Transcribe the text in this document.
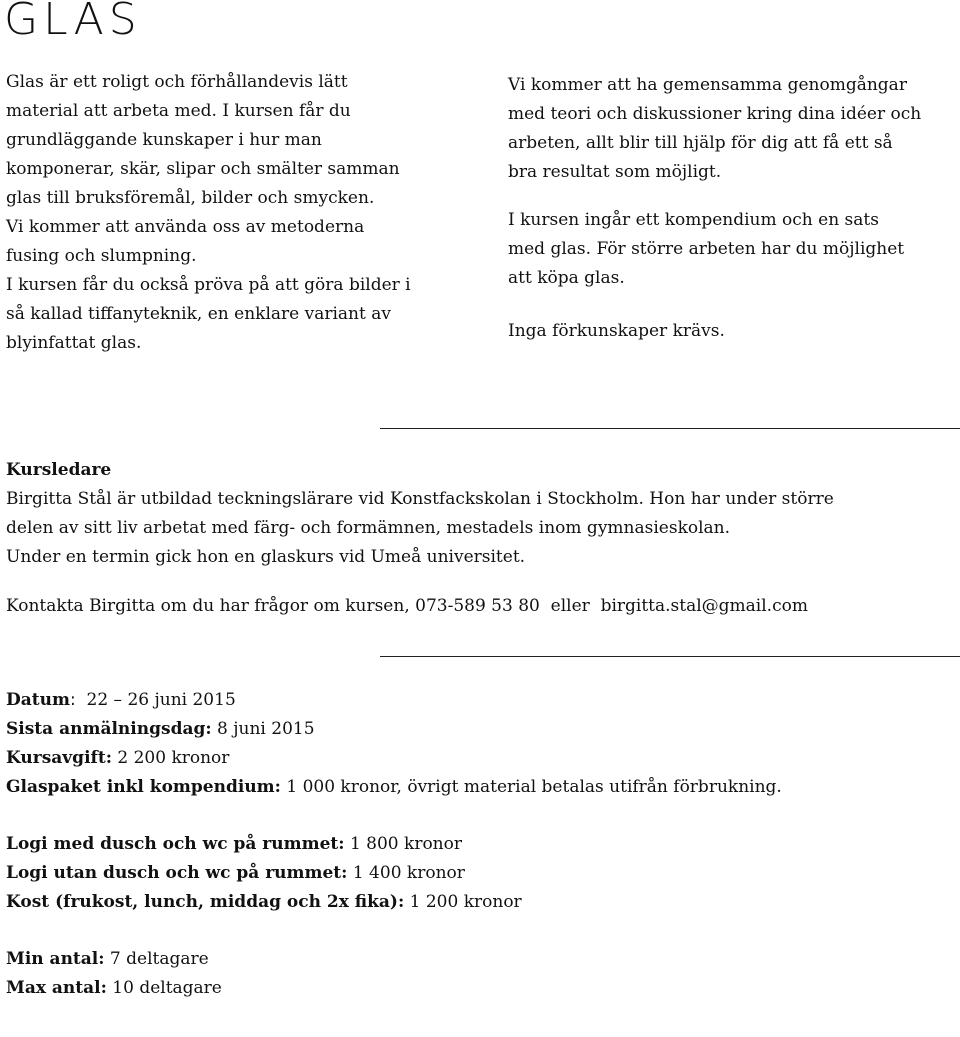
GLAS

Glas är ett roligt och förhållandevis lätt

material att arbeta med. I kursen får du

grundläggande kunskaper i hur man

komponerar, skär, slipar och smälter samman

glas till bruksföremål, bilder och smycken.

Vi kommer att använda oss av metoderna

fusing och slumpning.

I kursen får du också pröva på att göra bilder i

så kallad tiffanyteknik, en enklare variant av

blyinfattat glas.

Vi kommer att ha gemensamma genomgångar

med teori och diskussioner kring dina idéer och

arbeten, allt blir till hjälp för dig att få ett så

bra resultat som möjligt.

I kursen ingår ett kompendium och en sats

med glas. För större arbeten har du möjlighet

att köpa glas.

Inga förkunskaper krävs.

Kursledare

Birgitta Stål är utbildad teckningslärare vid Konstfackskolan i Stockholm. Hon har under större

delen av sitt liv arbetat med färg- och formämnen, mestadels inom gymnasieskolan.

Under en termin gick hon en glaskurs vid Umeå universitet.

Kontakta Birgitta om du har frågor om kursen, 073-589 53 80  eller  birgitta.stal@gmail.com

Datum:  22 – 26 juni 2015

Sista anmälningsdag: 8 juni 2015

Kursavgift: 2 200 kronor

Glaspaket inkl kompendium: 1 000 kronor, övrigt material betalas utifrån förbrukning.

Logi med dusch och wc på rummet: 1 800 kronor

Logi utan dusch och wc på rummet: 1 400 kronor

Kost (frukost, lunch, middag och 2x fika): 1 200 kronor

Min antal: 7 deltagare

Max antal: 10 deltagare
